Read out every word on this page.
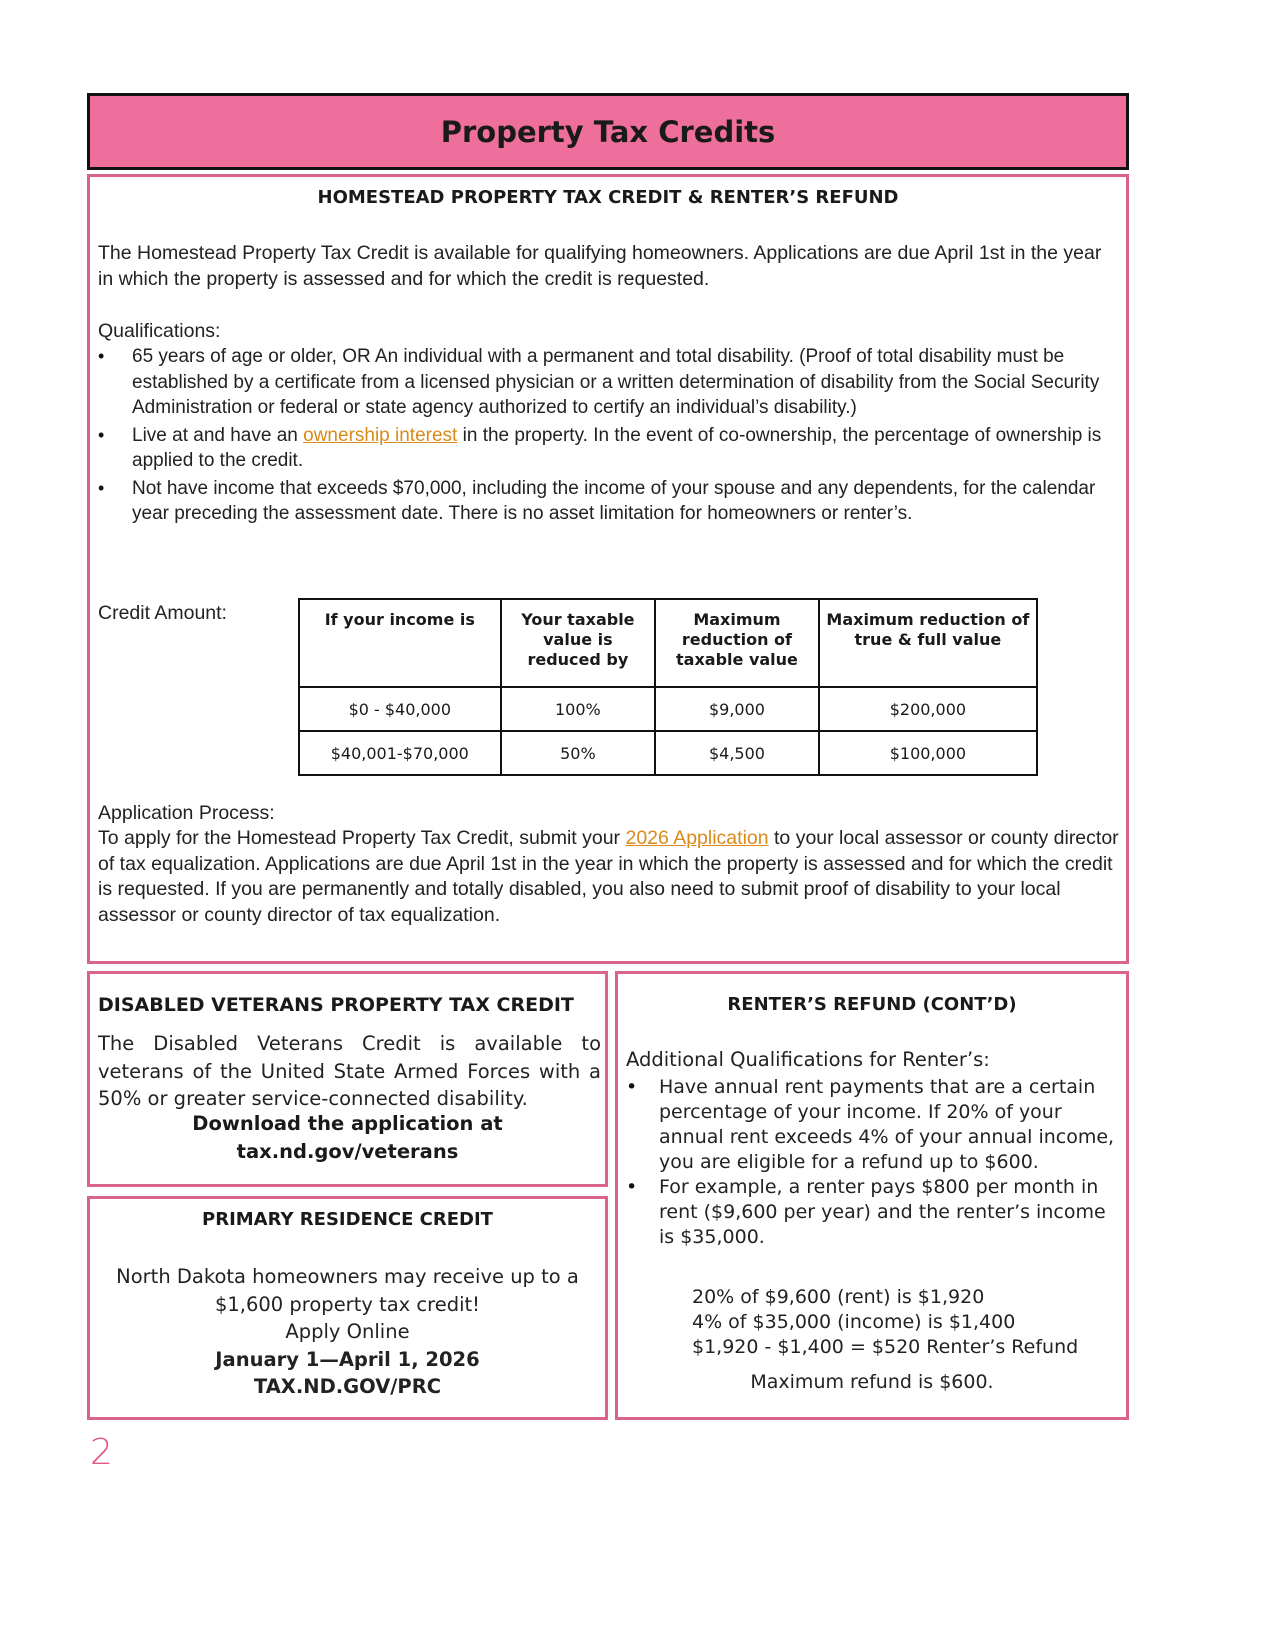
Property Tax Credits
HOMESTEAD PROPERTY TAX CREDIT & RENTER’S REFUND

The Homestead Property Tax Credit is available for qualifying homeowners. Applications are due April 1st in the year in which the property is assessed and for which the credit is requested.

Qualifications:

• 65 years of age or older, OR An individual with a permanent and total disability. (Proof of total disability must be established by a certificate from a licensed physician or a written determination of disability from the Social Security Administration or federal or state agency authorized to certify an individual’s disability.)
• Live at and have an ownership interest in the property. In the event of co-ownership, the percentage of ownership is applied to the credit.
• Not have income that exceeds $70,000, including the income of your spouse and any dependents, for the calendar year preceding the assessment date. There is no asset limitation for homeowners or renter’s.

Credit Amount:	If your income is	Your taxable value is reduced by	Maximum reduction of taxable value	Maximum reduction of true & full value
$0 - $40,000	100%	$9,000	$200,000
$40,001-$70,000	50%	$4,500	$100,000

Application Process:

To apply for the Homestead Property Tax Credit, submit your 2026 Application to your local assessor or county director of tax equalization. Applications are due April 1st in the year in which the property is assessed and for which the credit is requested. If you are permanently and totally disabled, you also need to submit proof of disability to your local assessor or county director of tax equalization.

DISABLED VETERANS PROPERTY TAX CREDIT

The Disabled Veterans Credit is available to veterans of the United State Armed Forces with a 50% or greater service-connected disability.

Download the application at
tax.nd.gov/veterans
PRIMARY RESIDENCE CREDIT
North Dakota homeowners may receive up to a
$1,600 property tax credit!
Apply Online
January 1—April 1, 2026
TAX.ND.GOV/PRC
RENTER’S REFUND (CONT’D)

Additional Qualifications for Renter’s:

• Have annual rent payments that are a certain percentage of your income. If 20% of your annual rent exceeds 4% of your annual income, you are eligible for a refund up to $600.
• For example, a renter pays $800 per month in rent ($9,600 per year) and the renter’s income is $35,000.
20% of $9,600 (rent) is $1,920
4% of $35,000 (income) is $1,400
$1,920 - $1,400 = $520 Renter’s Refund

Maximum refund is $600.

2
